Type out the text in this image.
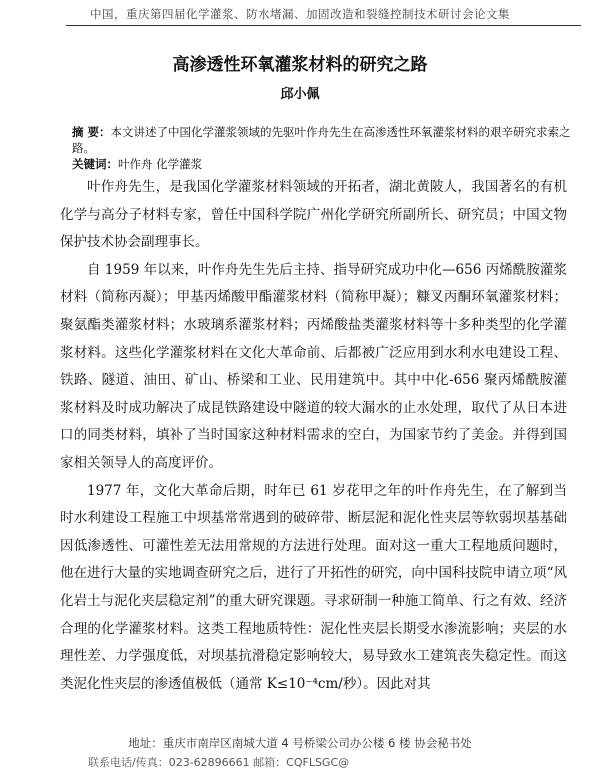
中国，重庆第四届化学灌浆、防水堵漏、加固改造和裂缝控制技术研讨会论文集
高渗透性环氧灌浆材料的研究之路
邱小佩
摘 要：本文讲述了中国化学灌浆领域的先驱叶作舟先生在高渗透性环氧灌浆材料的艰辛研究求索之路。
关键词：叶作舟 化学灌浆

叶作舟先生，是我国化学灌浆材料领域的开拓者，湖北黄陂人，我国著名的有机化学与高分子材料专家，曾任中国科学院广州化学研究所副所长、研究员；中国文物保护技术协会副理事长。

自 1959 年以来，叶作舟先生先后主持、指导研究成功中化—656 丙烯酰胺灌浆材料（简称丙凝）；甲基丙烯酸甲酯灌浆材料（简称甲凝）；糠叉丙酮环氧灌浆材料；聚氨酯类灌浆材料；水玻璃系灌浆材料；丙烯酸盐类灌浆材料等十多种类型的化学灌浆材料。这些化学灌浆材料在文化大革命前、后都被广泛应用到水利水电建设工程、铁路、隧道、油田、矿山、桥梁和工业、民用建筑中。其中中化-656 聚丙烯酰胺灌浆材料及时成功解决了成昆铁路建设中隧道的较大漏水的止水处理，取代了从日本进口的同类材料，填补了当时国家这种材料需求的空白，为国家节约了美金。并得到国家相关领导人的高度评价。

1977 年，文化大革命后期，时年已 61 岁花甲之年的叶作舟先生，在了解到当时水利建设工程施工中坝基常常遇到的破碎带、断层泥和泥化性夹层等软弱坝基基础因低渗透性、可灌性差无法用常规的方法进行处理。面对这一重大工程地质问题时，他在进行大量的实地调查研究之后，进行了开拓性的研究，向中国科技院申请立项“风化岩土与泥化夹层稳定剂”的重大研究课题。寻求研制一种施工简单、行之有效、经济合理的化学灌浆材料。这类工程地质特性：泥化性夹层长期受水渗流影响；夹层的水理性差、力学强度低，对坝基抗滑稳定影响较大，易导致水工建筑丧失稳定性。而这类泥化性夹层的渗透值极低（通常 K≤10⁻⁴cm/秒）。因此对其

地址：重庆市南岸区南城大道 4 号桥梁公司办公楼 6 楼 协会秘书处
联系电话/传真：023-62896661 邮箱：CQFLSGC@
